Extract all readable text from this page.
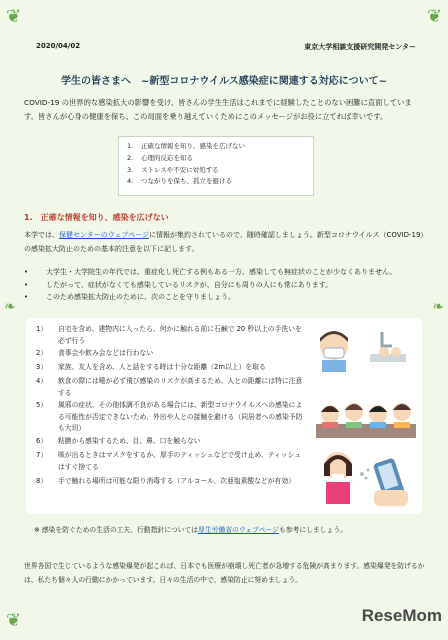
❦	❦
❦
❧	❧
2020/04/02	東京大学相談支援研究開発センター
学生の皆さまへ　~新型コロナウイルス感染症に関連する対応について~
COVID-19 の世界的な感染拡大の影響を受け、皆さんの学生生活はこれまでに経験したことのない困難に直面しています。皆さんが心身の健康を保ち、この局面を乗り越えていくためにこのメッセージがお役に立てれば幸いです。
1.	正確な情報を知り、感染を広げない
2.	心理的反応を知る
3.	ストレスや不安に対処する
4.	つながりを保ち、孤立を避ける
1.　正確な情報を知り、感染を広げない
本学では、保健センターのウェブページに情報が集約されているので、随時確認しましょう。新型コロナウイルス（COVID-19）の感染拡大防止のための基本的注意を以下に記します。
•	大学生・大学院生の年代では、重症化し死亡する例もある一方、感染しても無症状のことが少なくありません。
•	したがって、症状がなくても感染しているリスクが、自分にも周りの人にも常にあります。
•	このため感染拡大防止のために、次のことを守りましょう。
1）	自宅を含め、建物内に入ったら、何かに触れる前に石鹸で 20 秒以上の手洗いを必ず行う
2）	食事会や飲み会などは行わない
3）	家族、友人を含め、人と話をする時は十分な距離（2m以上）を取る
4）	飲食の際には唾が必ず飛び感染のリスクが高まるため、人との距離には特に注意する
5）	風邪の症状、その他体調不良がある場合には、新型コロナウイルスへの感染による可能性が否定できないため、外出や人との接触を避ける（同居者への感染予防も大切）
6）	粘膜から感染するため、目、鼻、口を触らない
7）	咳が出るときはマスクをするか、厚手のティッシュなどで受け止め、ティッシュはすぐ捨てる
8）	手で触れる場所は可能な限り消毒する（アルコール、次亜塩素酸などが有効）
※ 感染を防ぐための生活の工夫、行動指針については厚生労働省のウェブページも参考にしましょう。
世界各国で生じているような感染爆発が起これば、日本でも医療が崩壊し死亡者が急増する危険が高まります。感染爆発を防げるかは、私たち個々人の行動にかかっています。日々の生活の中で、感染防止に努めましょう。
ReseMom
